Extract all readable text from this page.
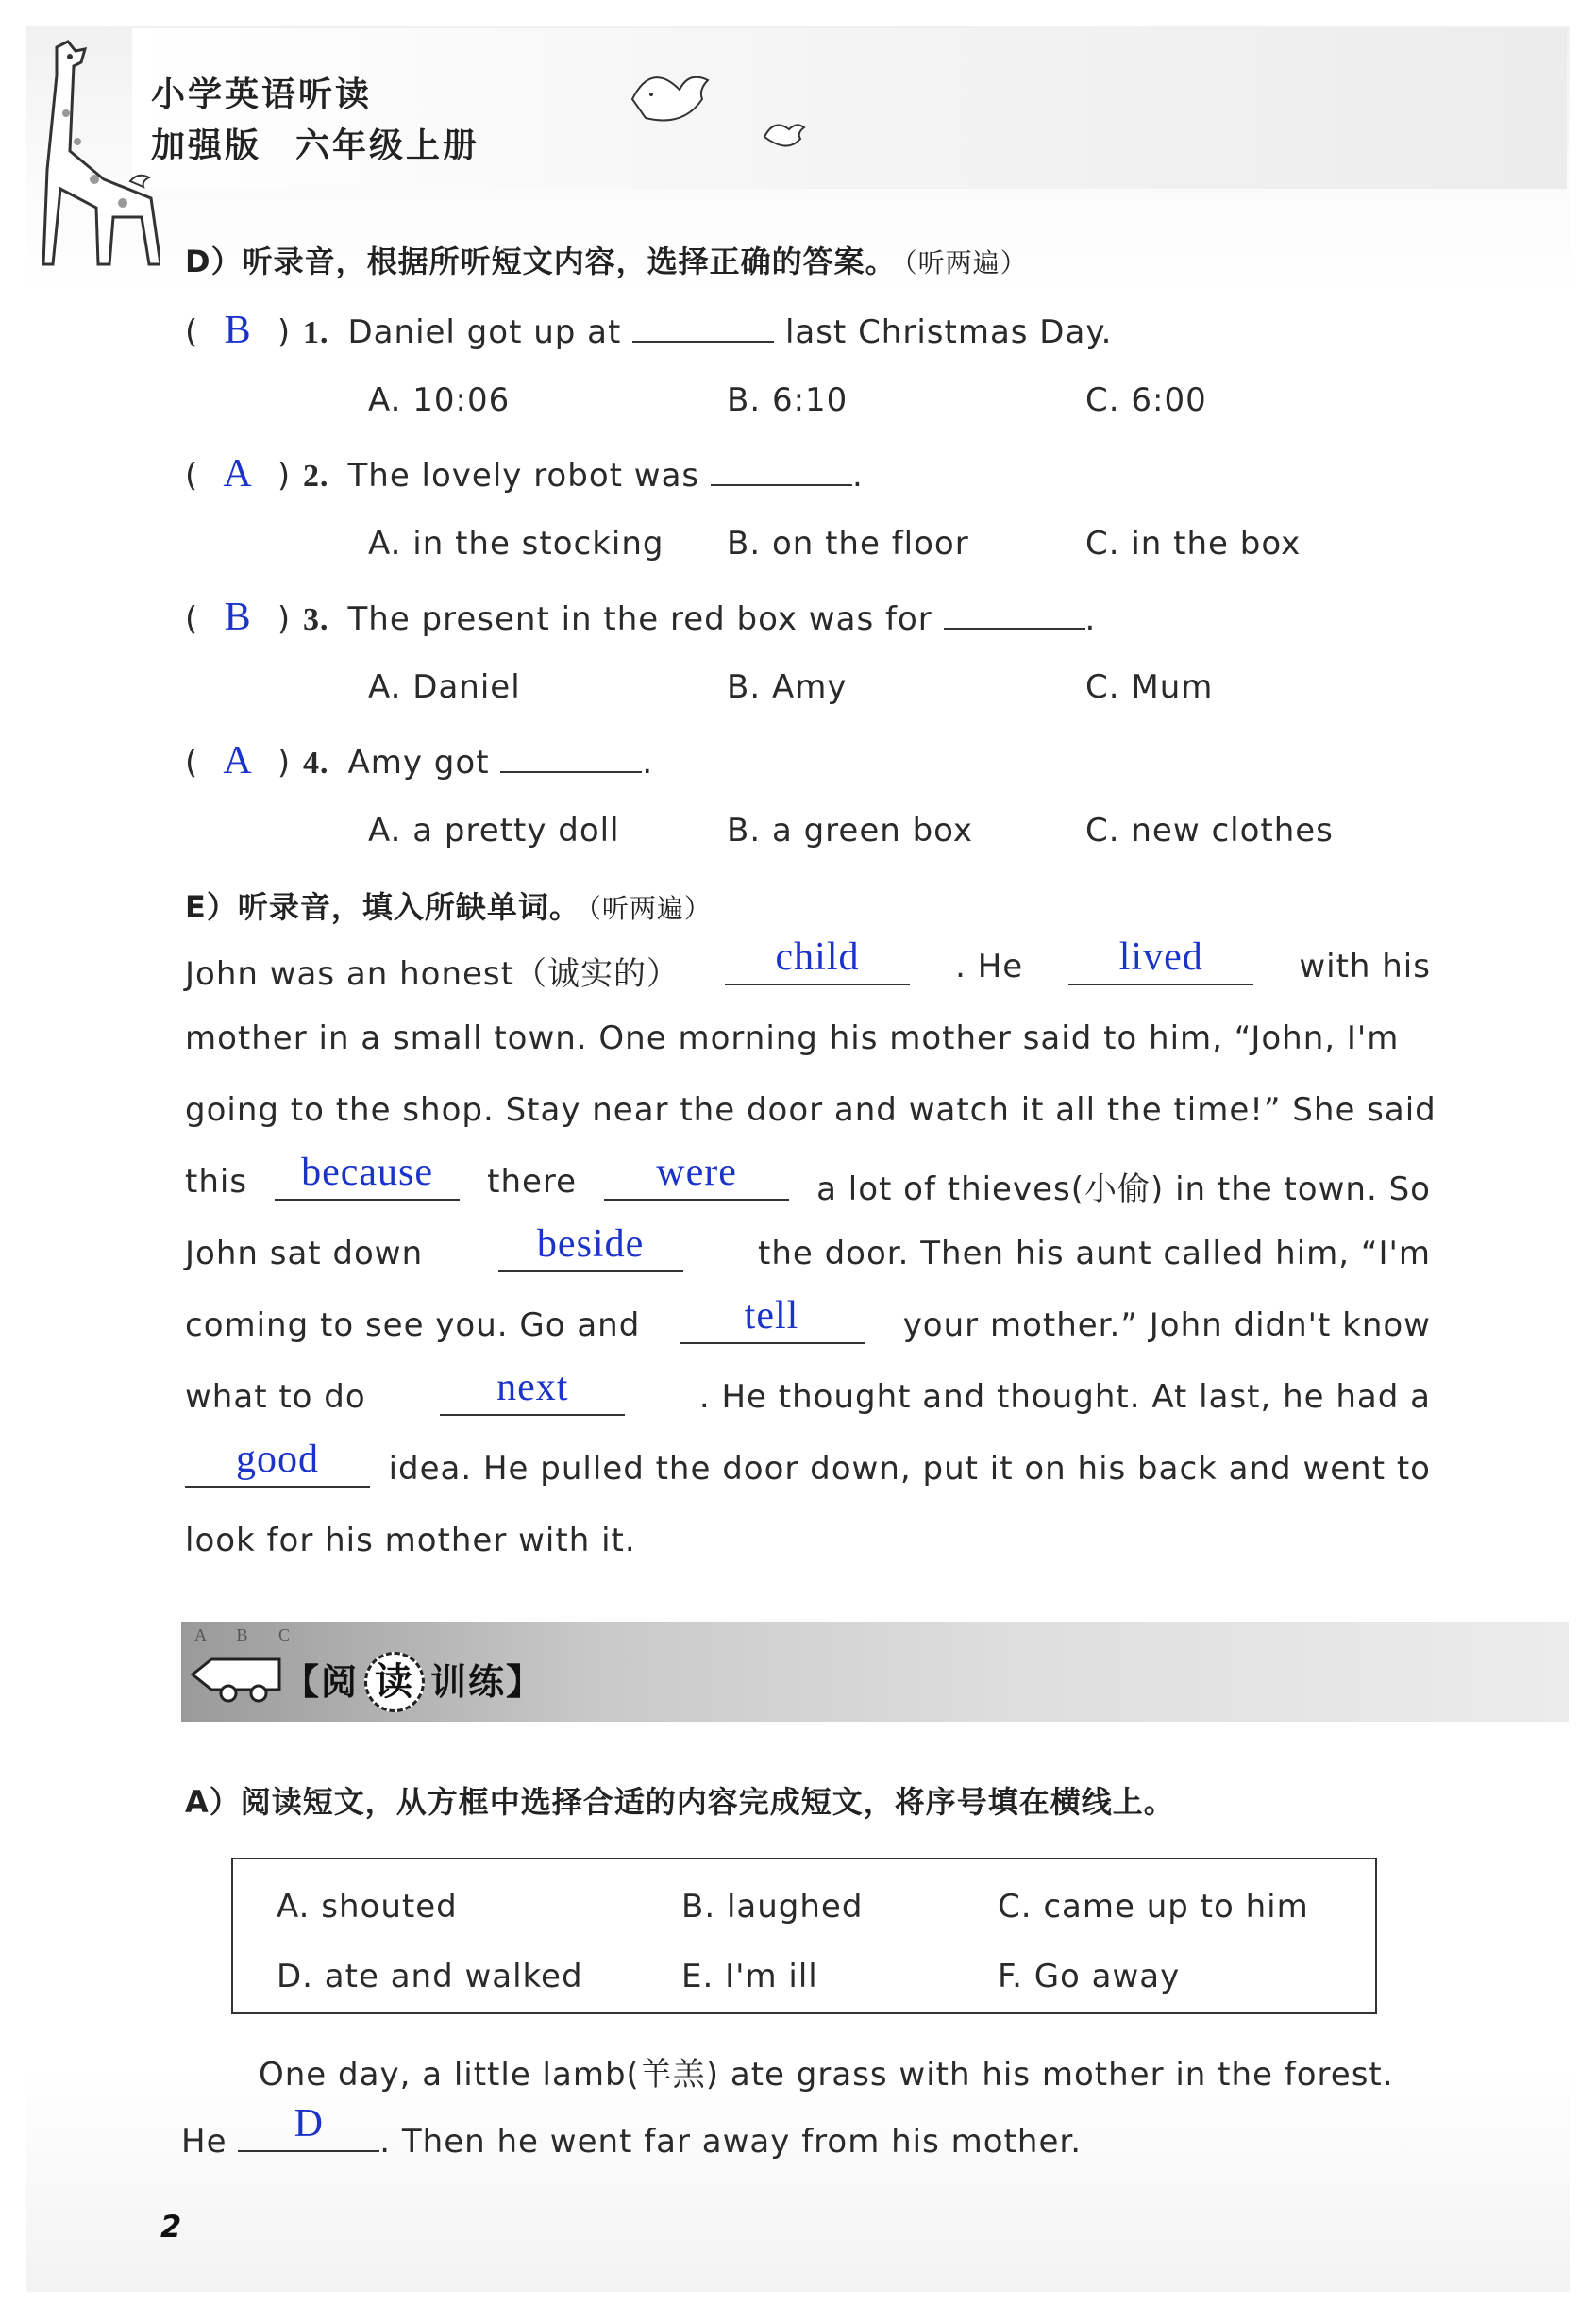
小学英语听读
加强版 六年级上册
D）听录音，根据所听短文内容，选择正确的答案。 （听两遍）
( B ) 1. Daniel got up at	last Christmas Day.
A. 10:06	B. 6:10	C. 6:00
( A ) 2. The lovely robot was	.
A. in the stocking B. on the floor	C. in the box
( B ) 3. The present in the red box was for	.
A. Daniel	B. Amy	C. Mum
( A ) 4. Amy got	.
A. a pretty doll	B. a green box	C. new clothes
E）听录音，填入所缺单词。 （听两遍）
John was an honest（诚实的）	child	. He	lived	with his
mother in a small town. One morning his mother said to him, “John, I'm
going to the shop. Stay near the door and watch it all the time!” She said
this	because	there	were	a lot of thieves(小偷) in the town. So
John sat down	beside	the door. Then his aunt called him, “I'm
coming to see you. Go and	tell	your mother.” John didn't know
what to do	next	. He thought and thought. At last, he had a
good	idea. He pulled the door down, put it on his back and went to
look for his mother with it.
A B C
【阅 读 训练】
A）阅读短文，从方框中选择合适的内容完成短文，将序号填在横线上。
A. shouted	B. laughed	C. came up to him
D. ate and walked	E. I'm ill	F. Go away
One day, a little lamb(羊羔) ate grass with his mother in the forest.
He	D	. Then he went far away from his mother.
2
